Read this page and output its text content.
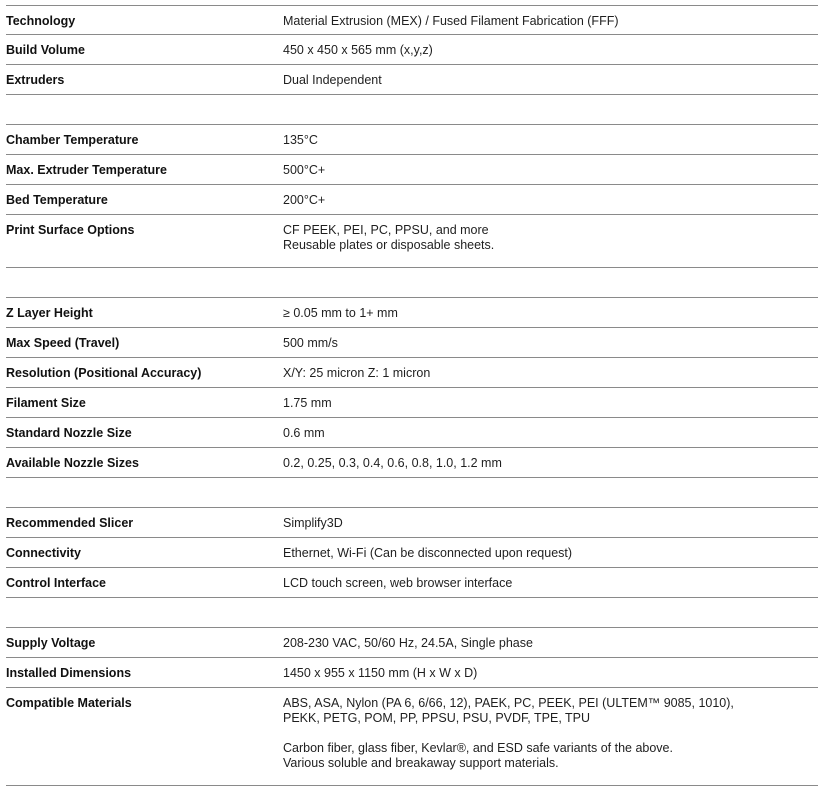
Technology	Material Extrusion (MEX) / Fused Filament Fabrication (FFF)
Build Volume	450 x 450 x 565 mm (x,y,z)
Extruders	Dual Independent
Chamber Temperature	135°C
Max. Extruder Temperature	500°C+
Bed Temperature	200°C+
Print Surface Options	CF PEEK, PEI, PC, PPSU, and more
Reusable plates or disposable sheets.
Z Layer Height	≥ 0.05 mm to 1+ mm
Max Speed (Travel)	500 mm/s
Resolution (Positional Accuracy)	X/Y: 25 micron Z: 1 micron
Filament Size	1.75 mm
Standard Nozzle Size	0.6 mm
Available Nozzle Sizes	0.2, 0.25, 0.3, 0.4, 0.6, 0.8, 1.0, 1.2 mm
Recommended Slicer	Simplify3D
Connectivity	Ethernet, Wi-Fi (Can be disconnected upon request)
Control Interface	LCD touch screen, web browser interface
Supply Voltage	208-230 VAC, 50/60 Hz, 24.5A, Single phase
Installed Dimensions	1450 x 955 x 1150 mm (H x W x D)
Compatible Materials	ABS, ASA, Nylon (PA 6, 6/66, 12), PAEK, PC, PEEK, PEI (ULTEM™ 9085, 1010),
PEKK, PETG, POM, PP, PPSU, PSU, PVDF, TPE, TPU
Carbon fiber, glass fiber, Kevlar®, and ESD safe variants of the above.
Various soluble and breakaway support materials.
